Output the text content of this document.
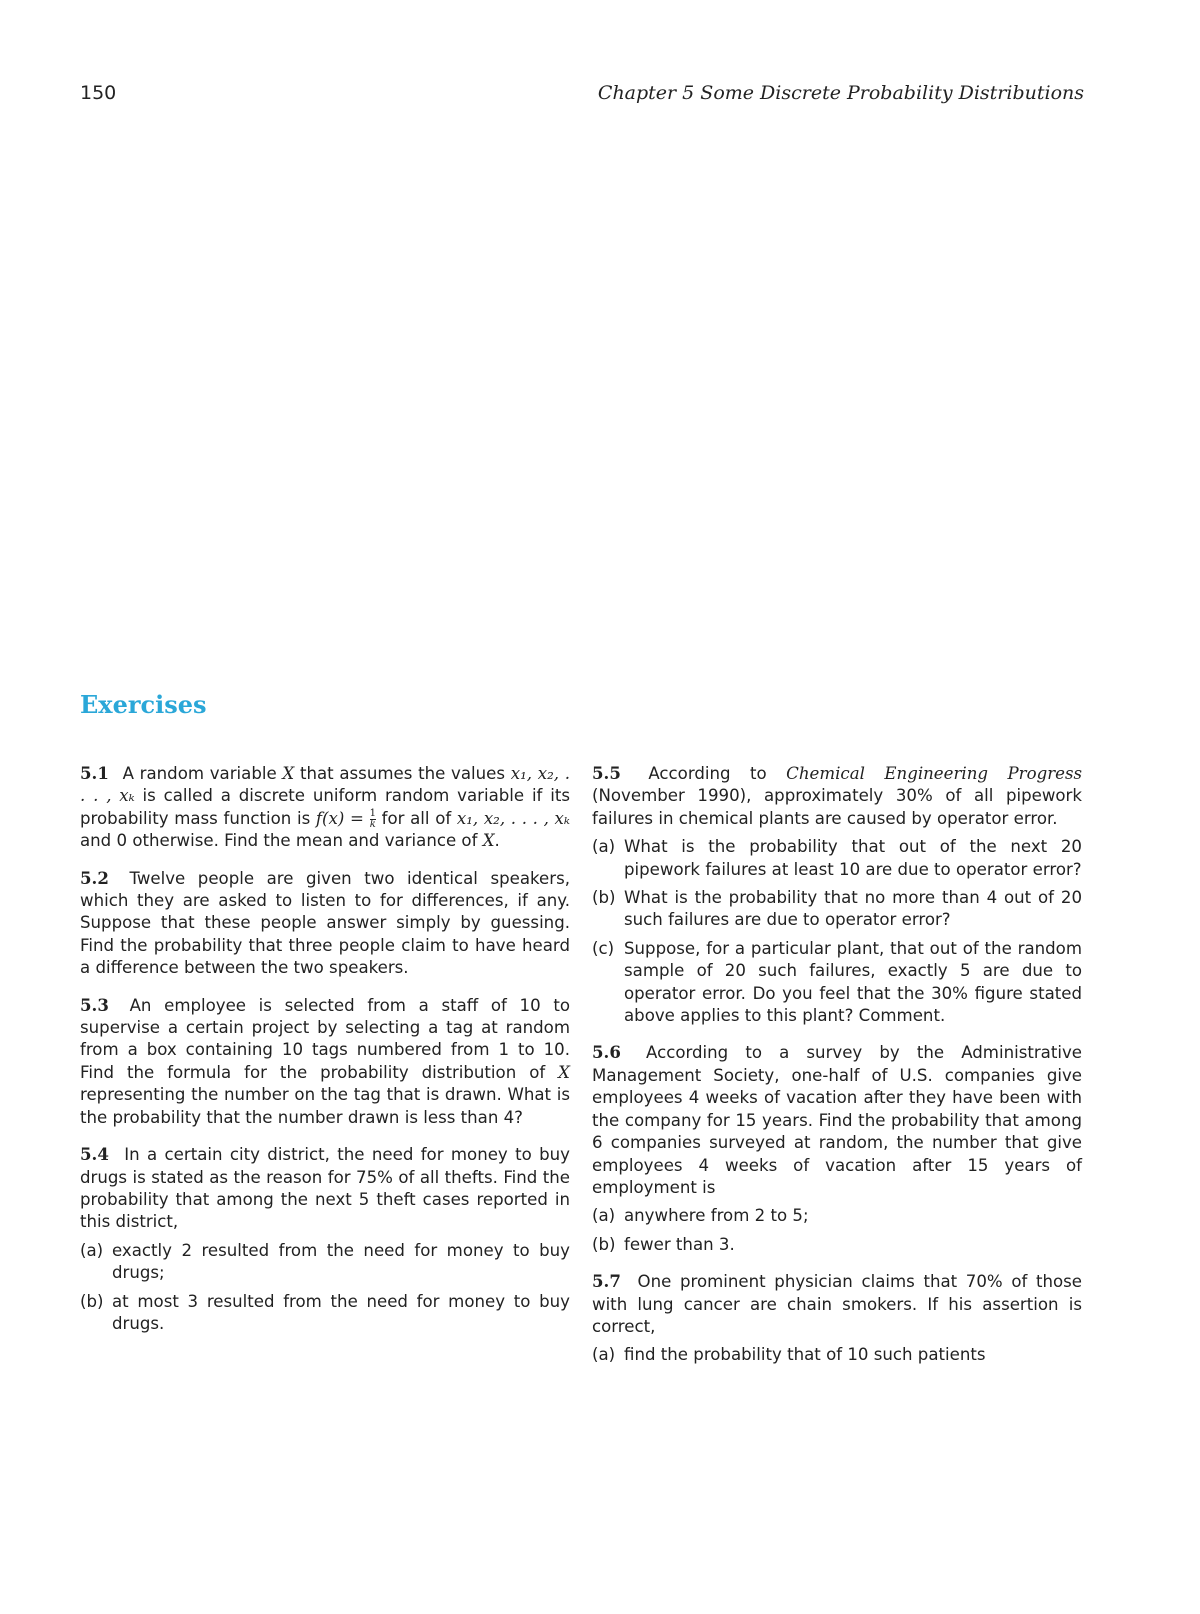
150	Chapter 5 Some Discrete Probability Distributions
Exercises

5.1 A random variable X that assumes the values x₁, x₂, . . . , xₖ is called a discrete uniform random variable if its probability mass function is $f(x) = \frac{1}{k}$ for all of x₁, x₂, . . . , xₖ and 0 otherwise. Find the mean and variance of X.

5.2 Twelve people are given two identical speakers, which they are asked to listen to for differences, if any. Suppose that these people answer simply by guessing. Find the probability that three people claim to have heard a difference between the two speakers.

5.3 An employee is selected from a staff of 10 to supervise a certain project by selecting a tag at random from a box containing 10 tags numbered from 1 to 10. Find the formula for the probability distribution of X representing the number on the tag that is drawn. What is the probability that the number drawn is less than 4?

5.4 In a certain city district, the need for money to buy drugs is stated as the reason for 75% of all thefts. Find the probability that among the next 5 theft cases reported in this district,

(a) exactly 2 resulted from the need for money to buy drugs;
(b) at most 3 resulted from the need for money to buy drugs.

5.5 According to Chemical Engineering Progress (November 1990), approximately 30% of all pipework failures in chemical plants are caused by operator error.

(a) What is the probability that out of the next 20 pipework failures at least 10 are due to operator error?
(b) What is the probability that no more than 4 out of 20 such failures are due to operator error?
(c) Suppose, for a particular plant, that out of the random sample of 20 such failures, exactly 5 are due to operator error. Do you feel that the 30% figure stated above applies to this plant? Comment.

5.6 According to a survey by the Administrative Management Society, one-half of U.S. companies give employees 4 weeks of vacation after they have been with the company for 15 years. Find the probability that among 6 companies surveyed at random, the number that give employees 4 weeks of vacation after 15 years of employment is

(a) anywhere from 2 to 5;
(b) fewer than 3.

5.7 One prominent physician claims that 70% of those with lung cancer are chain smokers. If his assertion is correct,

(a) find the probability that of 10 such patients
